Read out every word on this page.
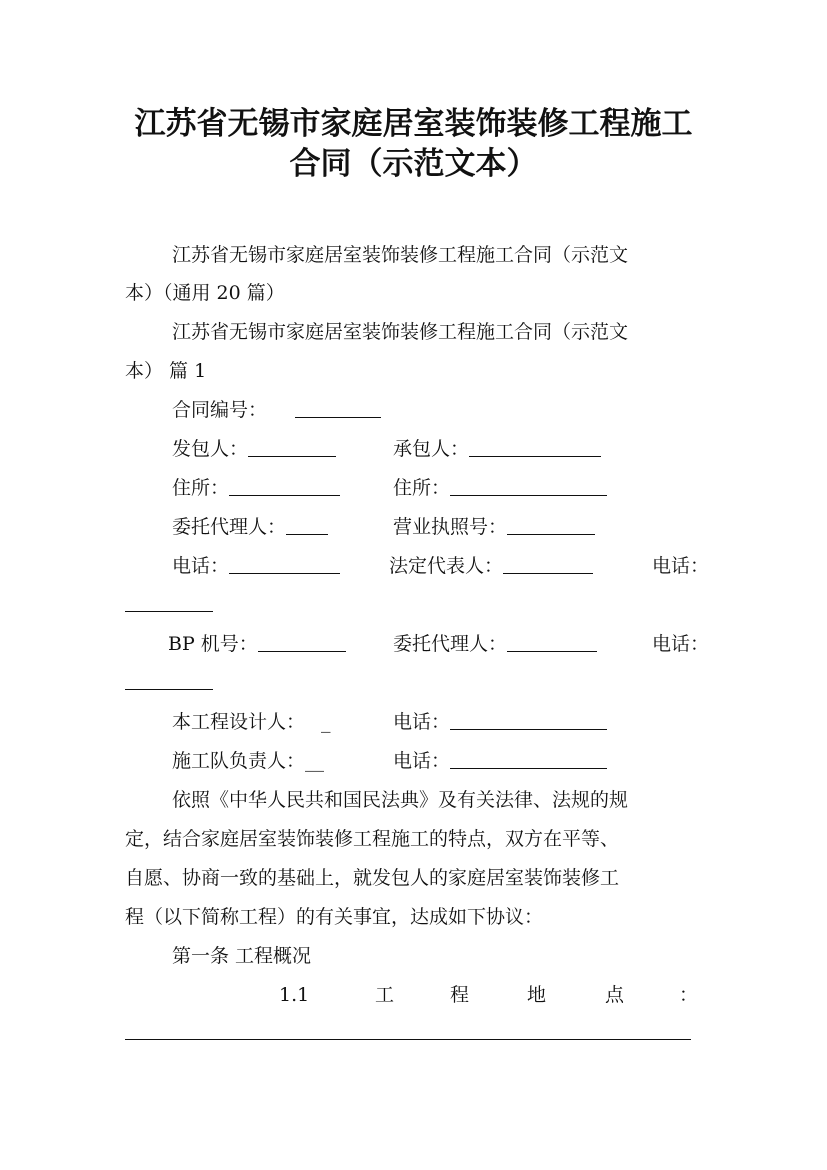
江苏省无锡市家庭居室装饰装修工程施工
合同（示范文本）
江苏省无锡市家庭居室装饰装修工程施工合同（示范文
本）（通用 20 篇）
江苏省无锡市家庭居室装饰装修工程施工合同（示范文
本） 篇 1
合同编号：
发包人：	承包人：
住所：	住所：
委托代理人：	营业执照号：
电话：	法定代表人：	电话：
BP 机号：	委托代理人：	电话：
本工程设计人： _	电话：
施工队负责人：__	电话：
依照《中华人民共和国民法典》及有关法律、法规的规
定，结合家庭居室装饰装修工程施工的特点，双方在平等、
自愿、协商一致的基础上，就发包人的家庭居室装饰装修工
程（以下简称工程）的有关事宜，达成如下协议：
第一条 工程概况
1.1	工	程	地	点	：
